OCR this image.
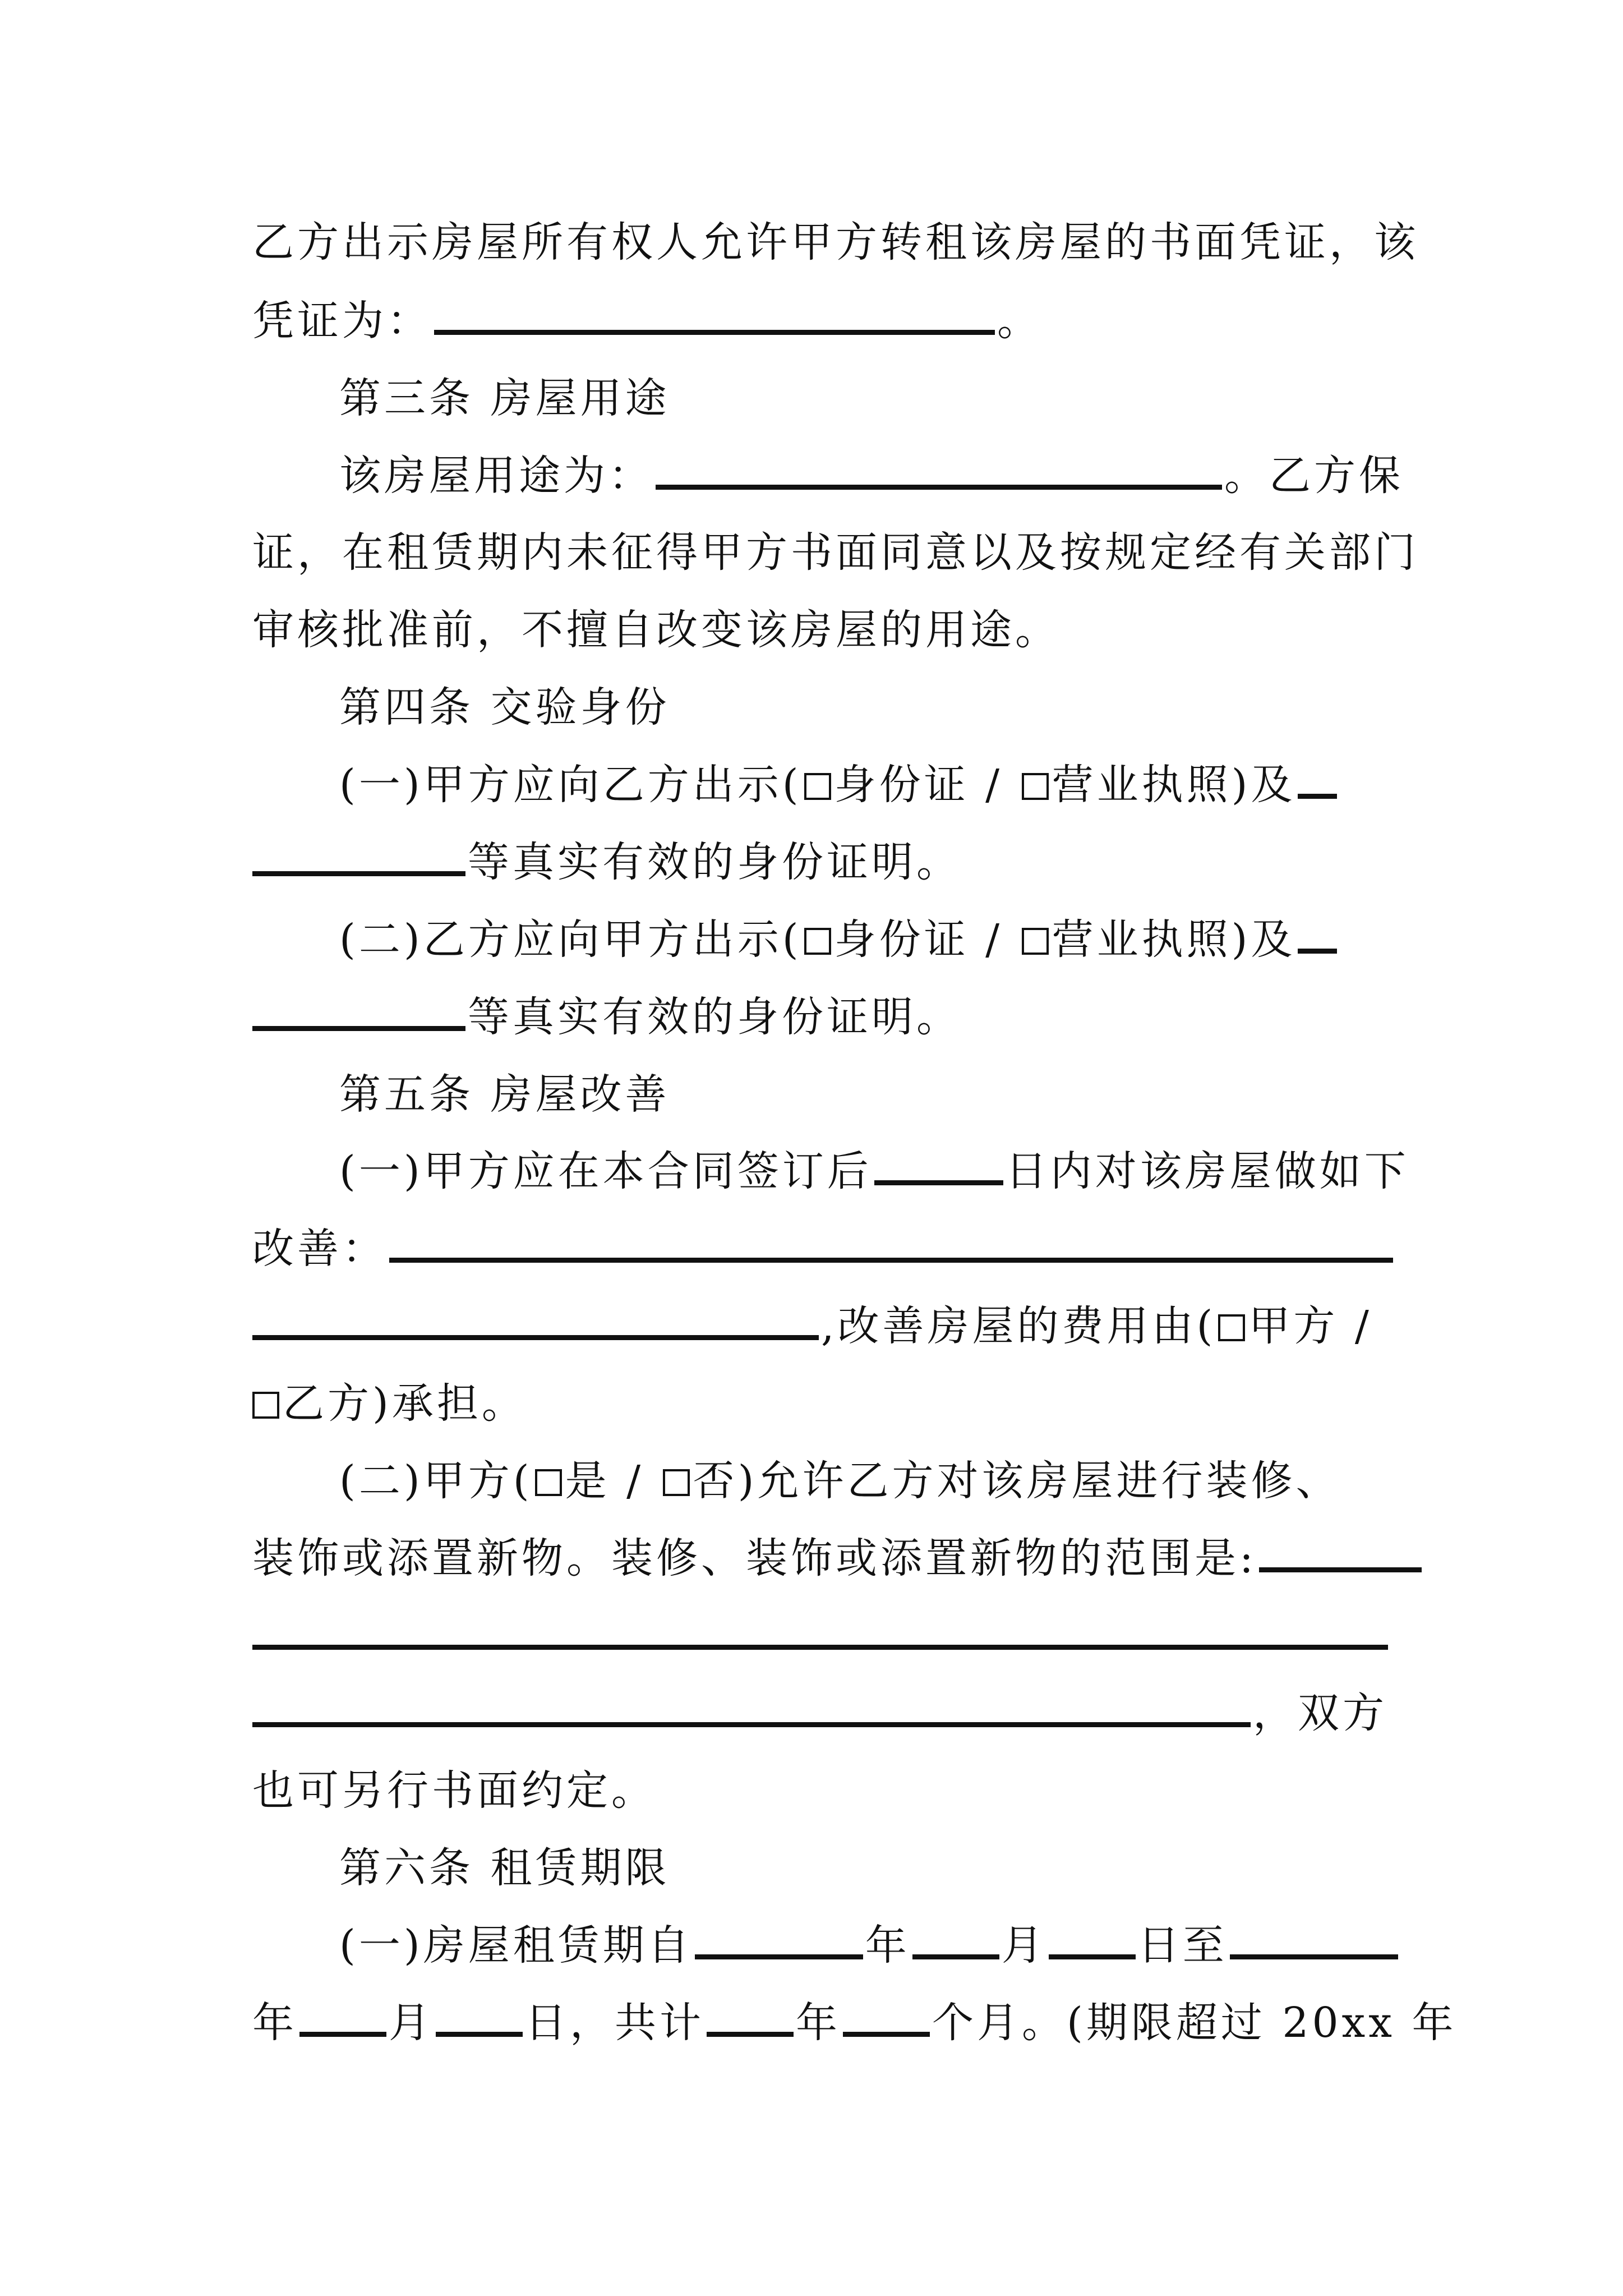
乙方出示房屋所有权人允许甲方转租该房屋的书面凭证，该
凭证为：	。
第三条 房屋用途
该房屋用途为：	。乙方保
证，在租赁期内未征得甲方书面同意以及按规定经有关部门
审核批准前，不擅自改变该房屋的用途。
第四条 交验身份
(一)甲方应向乙方出示( 身份证 / 营业执照)及
等真实有效的身份证明。
(二)乙方应向甲方出示( 身份证 / 营业执照)及
等真实有效的身份证明。
第五条 房屋改善
(一)甲方应在本合同签订后	日内对该房屋做如下
改善：
,改善房屋的费用由( 甲方 /
乙方)承担。
(二)甲方( 是 / 否)允许乙方对该房屋进行装修、
装饰或添置新物。装修、装饰或添置新物的范围是:
，双方
也可另行书面约定。
第六条 租赁期限
(一)房屋租赁期自	年 月 日至
年 月 日，共计 年 个月。(期限超过 20xx 年
